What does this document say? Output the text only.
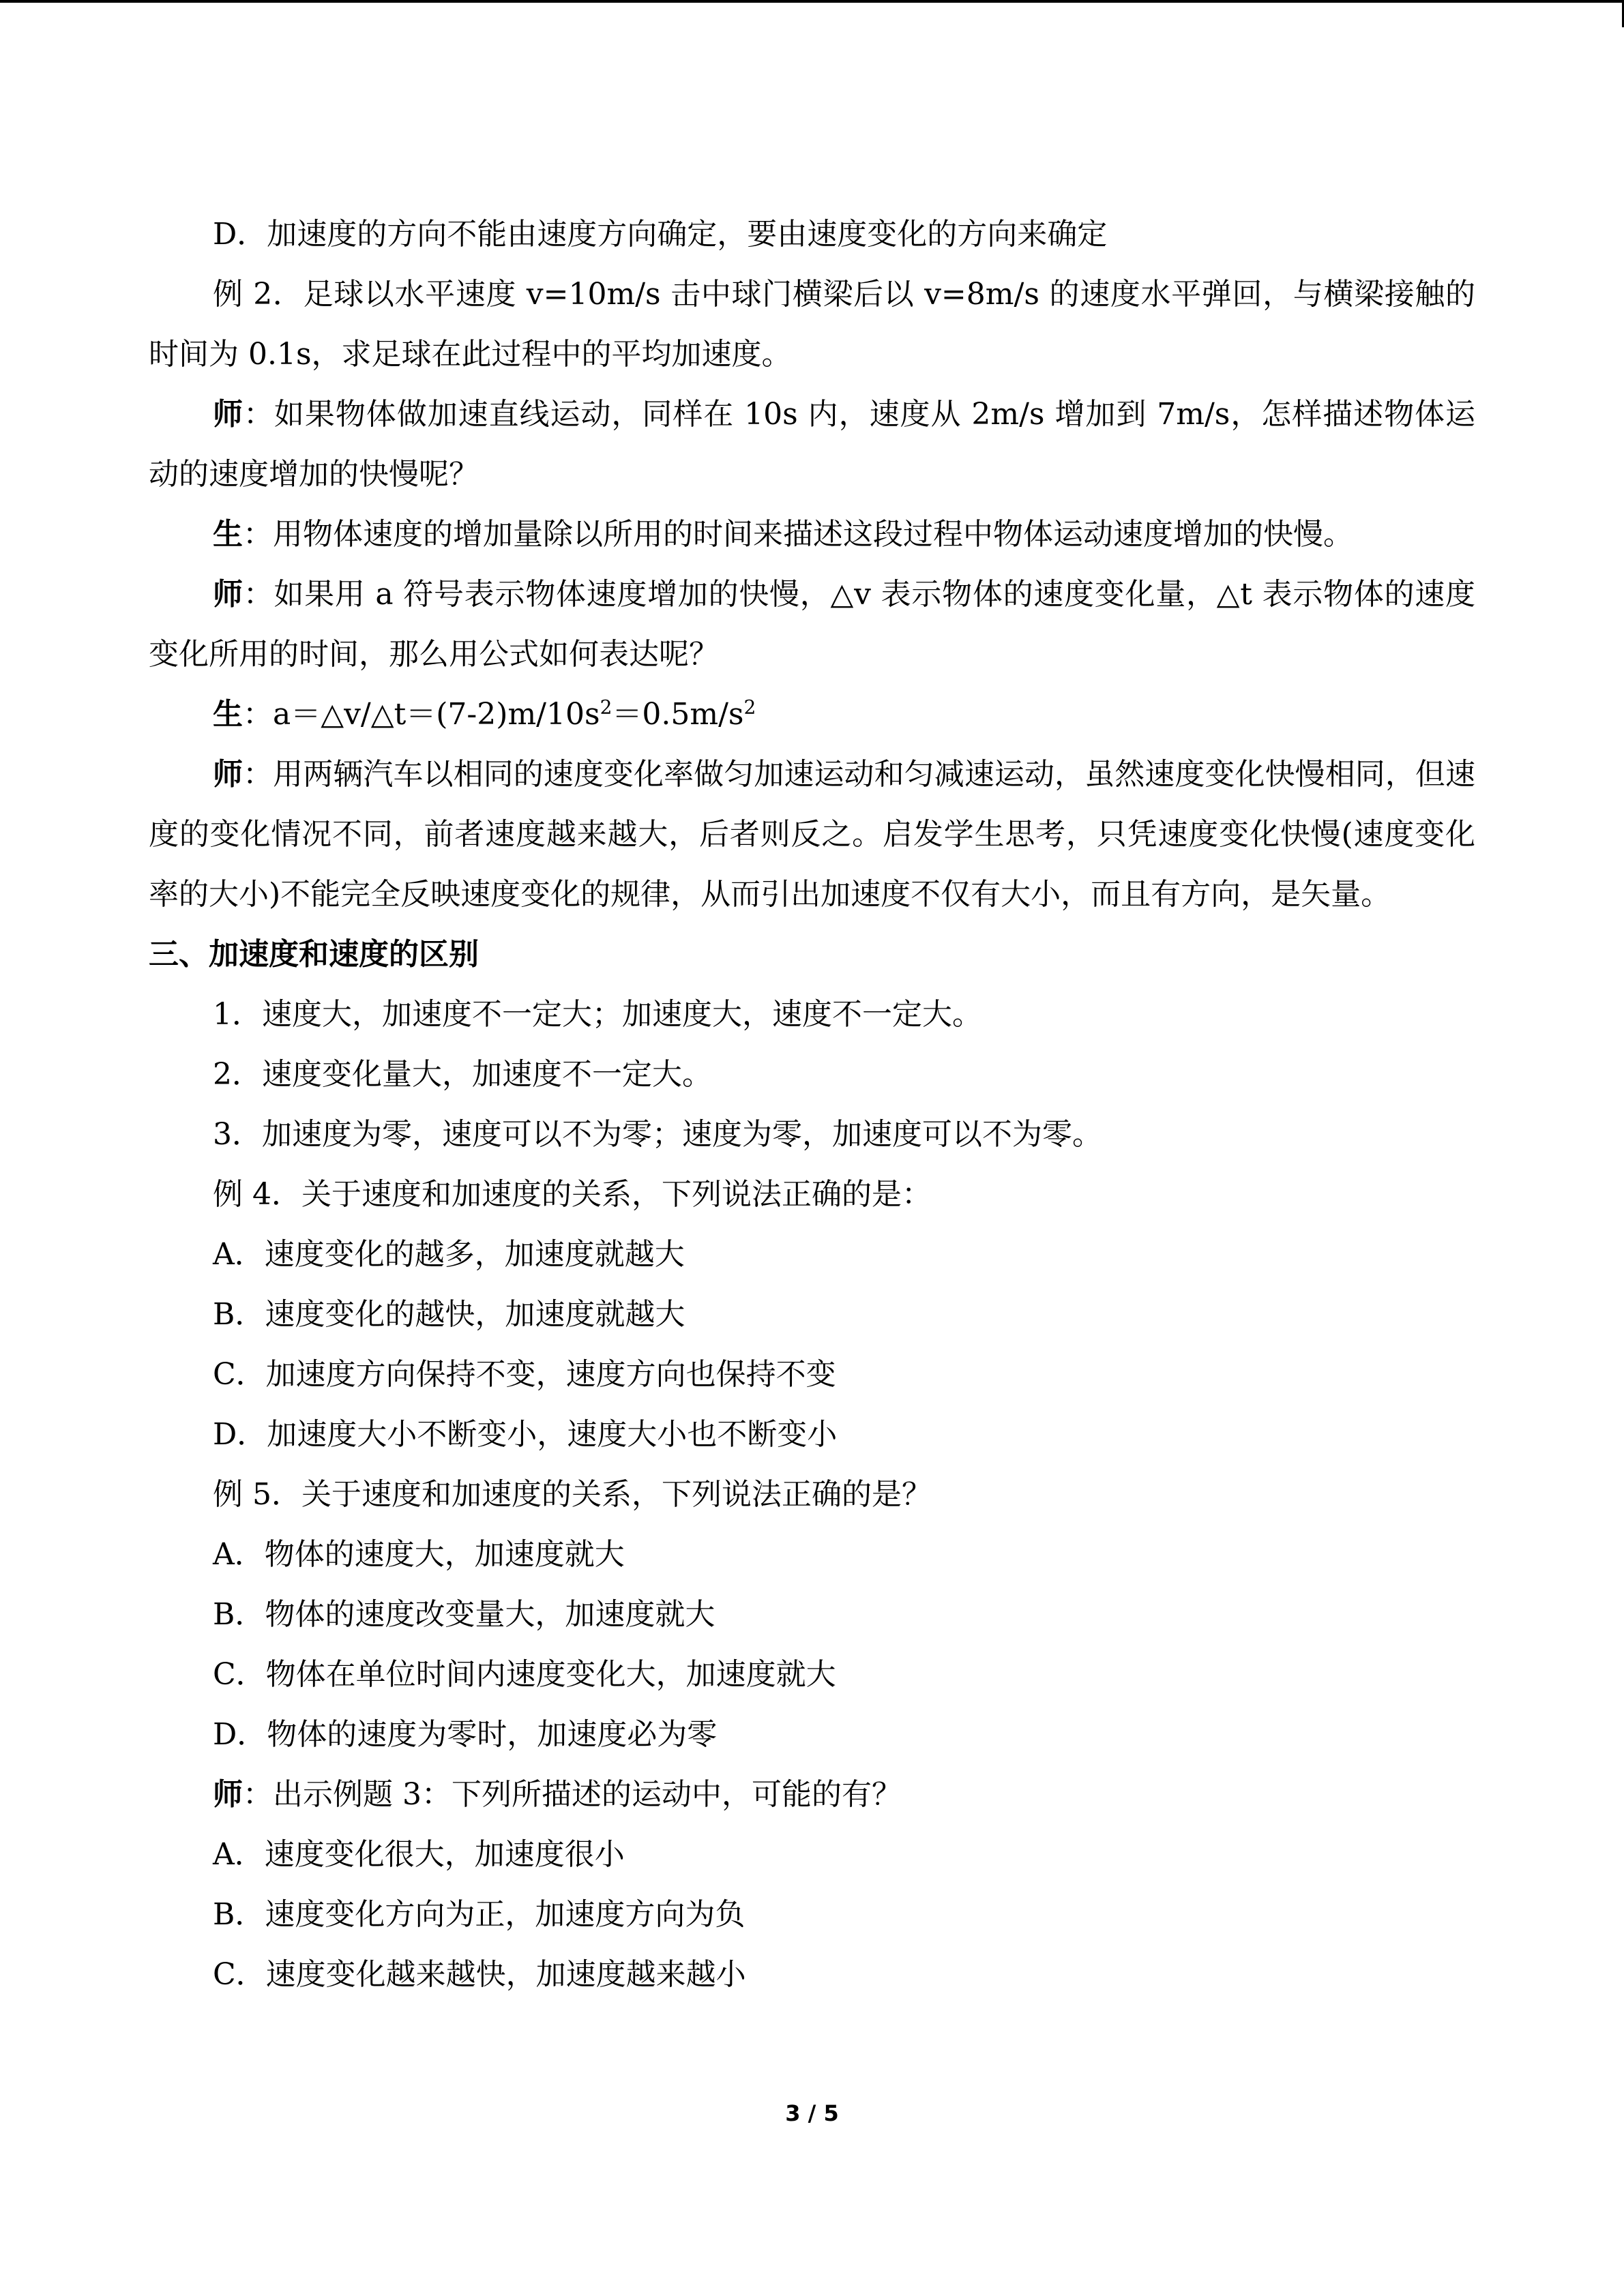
D．加速度的方向不能由速度方向确定，要由速度变化的方向来确定
例 2．足球以水平速度 v=10m/s 击中球门横梁后以 v=8m/s 的速度水平弹回，与横梁接触的时间为 0.1s，求足球在此过程中的平均加速度。
师：如果物体做加速直线运动，同样在 10s 内，速度从 2m/s 增加到 7m/s，怎样描述物体运动的速度增加的快慢呢？
生：用物体速度的增加量除以所用的时间来描述这段过程中物体运动速度增加的快慢。
师：如果用 a 符号表示物体速度增加的快慢，△v 表示物体的速度变化量，△t 表示物体的速度变化所用的时间，那么用公式如何表达呢？
生：$a=\triangle v/\triangle t=(7-2)m/10s^2=0.5m/s^2$
师：用两辆汽车以相同的速度变化率做匀加速运动和匀减速运动，虽然速度变化快慢相同，但速度的变化情况不同，前者速度越来越大，后者则反之。启发学生思考，只凭速度变化快慢(速度变化率的大小)不能完全反映速度变化的规律，从而引出加速度不仅有大小，而且有方向，是矢量。
三、加速度和速度的区别
1．速度大，加速度不一定大；加速度大，速度不一定大。
2．速度变化量大，加速度不一定大。
3．加速度为零，速度可以不为零；速度为零，加速度可以不为零。
例 4．关于速度和加速度的关系，下列说法正确的是：
A．速度变化的越多，加速度就越大
B．速度变化的越快，加速度就越大
C．加速度方向保持不变，速度方向也保持不变
D．加速度大小不断变小，速度大小也不断变小
例 5．关于速度和加速度的关系，下列说法正确的是？
A．物体的速度大，加速度就大
B．物体的速度改变量大，加速度就大
C．物体在单位时间内速度变化大，加速度就大
D．物体的速度为零时，加速度必为零
师：出示例题 3：下列所描述的运动中，可能的有？
A．速度变化很大，加速度很小
B．速度变化方向为正，加速度方向为负
C．速度变化越来越快，加速度越来越小
3 / 5
